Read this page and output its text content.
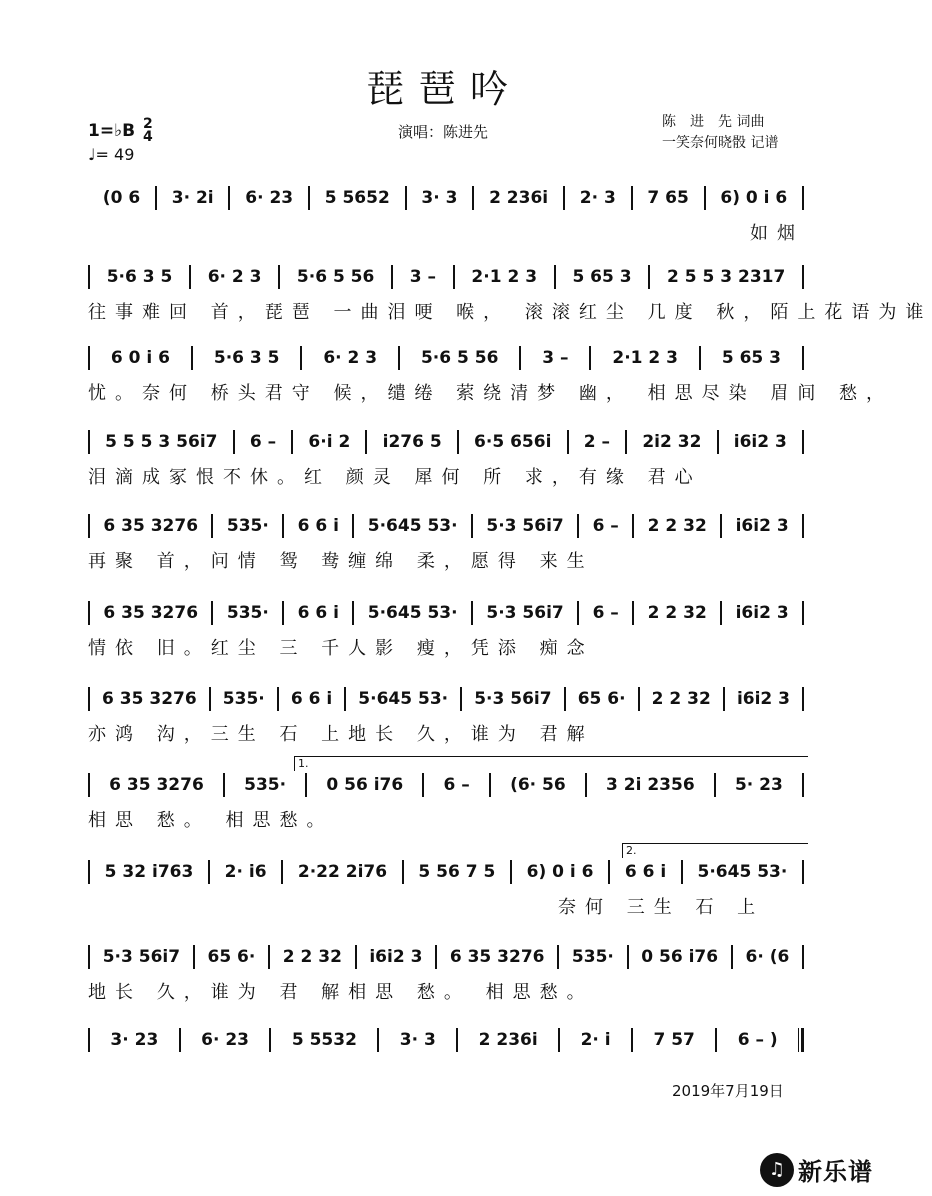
琵琶吟
1=♭B 2
4
♩= 49
演唱：陈进先
陈　进　先 词曲
一笑奈何晓骰 记谱
(0 6	3· 2i	6· 23	5 5652	3· 3	2 236i	2· 3	7 65	6) 0 i 6
如烟
5·6 3 5	6· 2 3	5·6 5 56	3 –	2·1 2 3	5 65 3	2 5 5 3 2317
往事难回 首，琵琶 一曲泪哽 喉， 滚滚红尘 几度 秋，陌上花语为谁
6 0 i 6	5·6 3 5	6· 2 3	5·6 5 56	3 –	2·1 2 3	5 65 3
忧。奈何 桥头君守 候，缱绻 萦绕清梦 幽， 相思尽染 眉间 愁，
5 5 5 3 56i7	6 –	6·i 2	i276 5	6·5 656i	2 –	2i2 32	i6i2 3
泪滴成冢恨不休。红 颜灵 犀何 所 求，有缘 君心
6 35 3276	535·	6 6 i	5·645 53·	5·3 56i7	6 –	2 2 32	i6i2 3
再聚 首，问情 鸳 鸯缠绵 柔，愿得 来生
6 35 3276	535·	6 6 i	5·645 53·	5·3 56i7	6 –	2 2 32	i6i2 3
情依 旧。红尘 三 千人影 瘦，凭添 痴念
6 35 3276	535·	6 6 i	5·645 53·	5·3 56i7	65 6·	2 2 32	i6i2 3
亦鸿 沟，三生 石 上地长 久，谁为 君解
6 35 3276	535·	0 56 i76	6 –	(6· 56	3 2i 2356	5· 23
1.
相思 愁。 相思愁。
5 32 i763	2· i6	2·22 2i76	5 56 7 5	6) 0 i 6	6 6 i	5·645 53·
2.
奈何 三生 石 上
5·3 56i7	65 6·	2 2 32	i6i2 3	6 35 3276	535·	0 56 i76	6· (6
地长 久，谁为 君 解相思 愁。 相思愁。
3· 23	6· 23	5 5532	3· 3	2 236i	2· i	7 57	6 – )
2019年7月19日
♫ 新乐谱
